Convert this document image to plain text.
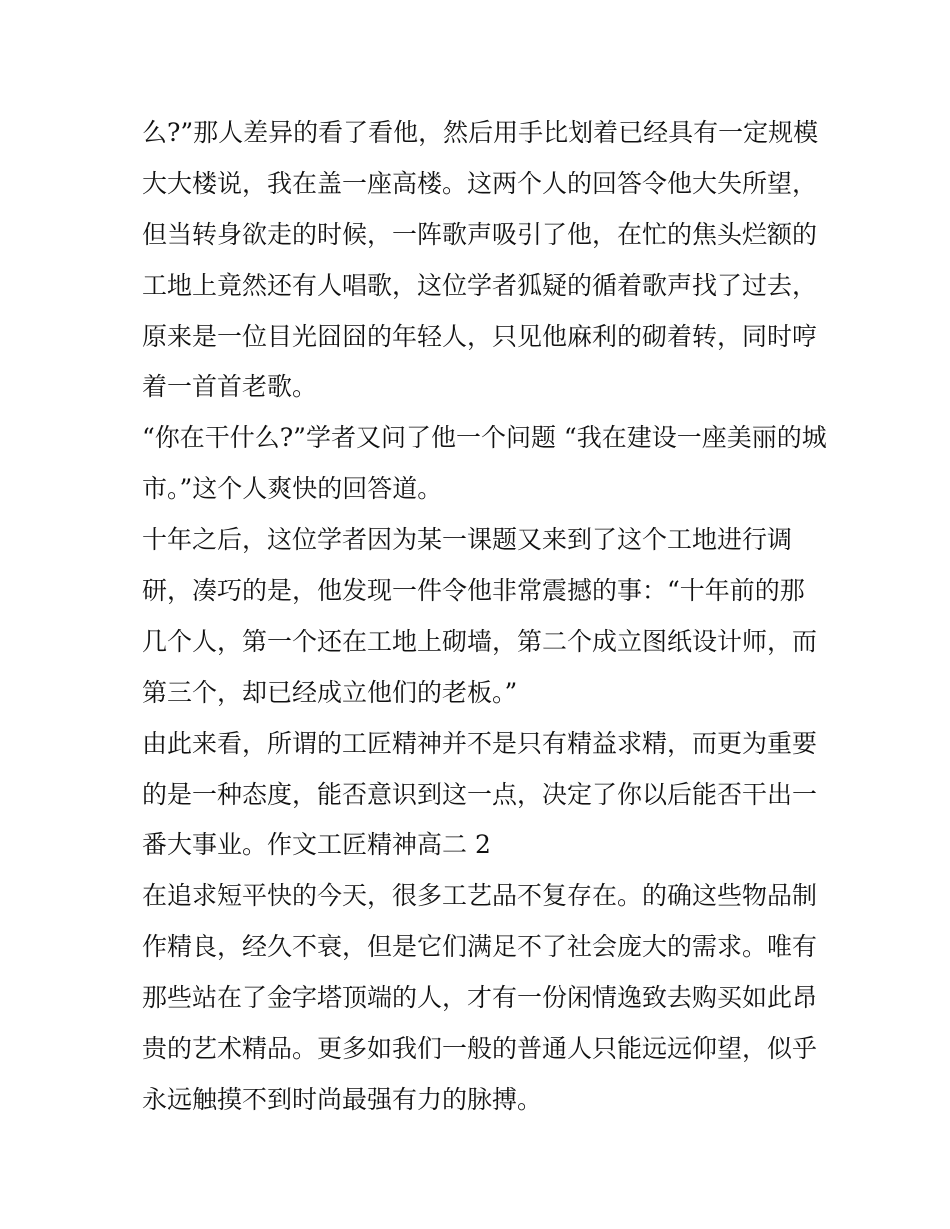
么?”那人差异的看了看他，然后用手比划着已经具有一定规模
大大楼说，我在盖一座高楼。这两个人的回答令他大失所望，
但当转身欲走的时候，一阵歌声吸引了他，在忙的焦头烂额的
工地上竟然还有人唱歌，这位学者狐疑的循着歌声找了过去，
原来是一位目光囧囧的年轻人，只见他麻利的砌着转，同时哼
着一首首老歌。
“你在干什么?”学者又问了他一个问题 “我在建设一座美丽的城
市。”这个人爽快的回答道。
十年之后，这位学者因为某一课题又来到了这个工地进行调
研，凑巧的是，他发现一件令他非常震撼的事：“十年前的那
几个人，第一个还在工地上砌墙，第二个成立图纸设计师，而
第三个，却已经成立他们的老板。”
由此来看，所谓的工匠精神并不是只有精益求精，而更为重要
的是一种态度，能否意识到这一点，决定了你以后能否干出一
番大事业。作文工匠精神高二 2
在追求短平快的今天，很多工艺品不复存在。的确这些物品制
作精良，经久不衰，但是它们满足不了社会庞大的需求。唯有
那些站在了金字塔顶端的人，才有一份闲情逸致去购买如此昂
贵的艺术精品。更多如我们一般的普通人只能远远仰望，似乎
永远触摸不到时尚最强有力的脉搏。
